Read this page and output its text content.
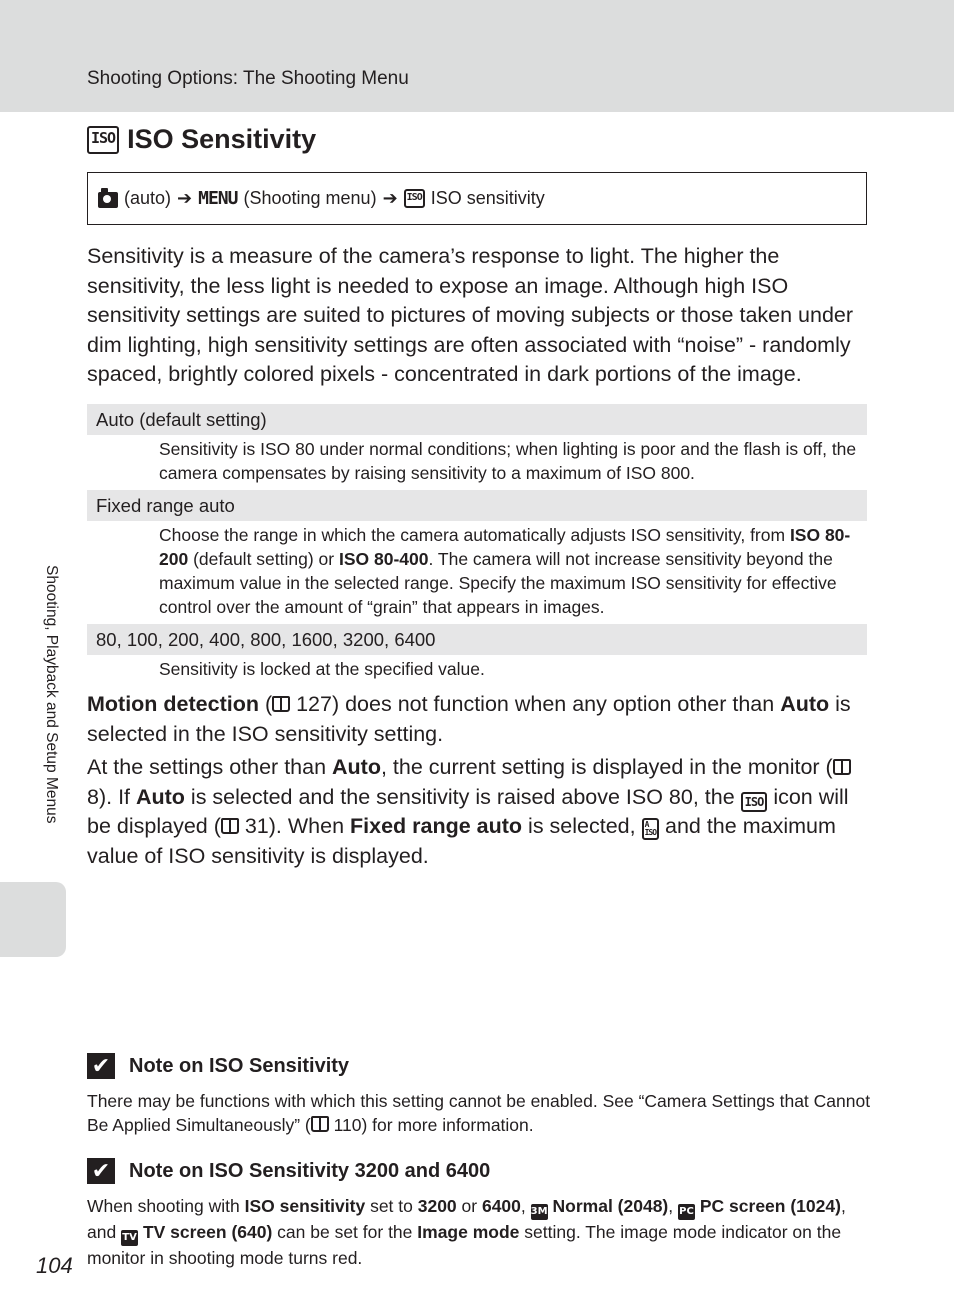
Shooting Options: The Shooting Menu
Shooting, Playback and Setup Menus
ISO ISO Sensitivity
(auto) ➔ MENU (Shooting menu) ➔ ISO ISO sensitivity

Sensitivity is a measure of the camera’s response to light. The higher the sensitivity, the less light is needed to expose an image. Although high ISO sensitivity settings are suited to pictures of moving subjects or those taken under dim lighting, high sensitivity settings are often associated with “noise” - randomly spaced, brightly colored pixels - concentrated in dark portions of the image.

Auto (default setting)

Sensitivity is ISO 80 under normal conditions; when lighting is poor and the flash is off, the camera compensates by raising sensitivity to a maximum of ISO 800.

Fixed range auto

Choose the range in which the camera automatically adjusts ISO sensitivity, from ISO 80-200 (default setting) or ISO 80-400. The camera will not increase sensitivity beyond the maximum value in the selected range. Specify the maximum ISO sensitivity for effective control over the amount of “grain” that appears in images.

80, 100, 200, 400, 800, 1600, 3200, 6400

Sensitivity is locked at the specified value.

Motion detection ( 127) does not function when any option other than Auto is selected in the ISO sensitivity setting.

At the settings other than Auto, the current setting is displayed in the monitor ( 8). If Auto is selected and the sensitivity is raised above ISO 80, the ISO icon will be displayed ( 31). When Fixed range auto is selected, A
ISO and the maximum value of ISO sensitivity is displayed.

✔ Note on ISO Sensitivity

There may be functions with which this setting cannot be enabled. See “Camera Settings that Cannot Be Applied Simultaneously” ( 110) for more information.

✔ Note on ISO Sensitivity 3200 and 6400

When shooting with ISO sensitivity set to 3200 or 6400, 3M Normal (2048), PC PC screen (1024), and TV TV screen (640) can be set for the Image mode setting. The image mode indicator on the monitor in shooting mode turns red.

104
